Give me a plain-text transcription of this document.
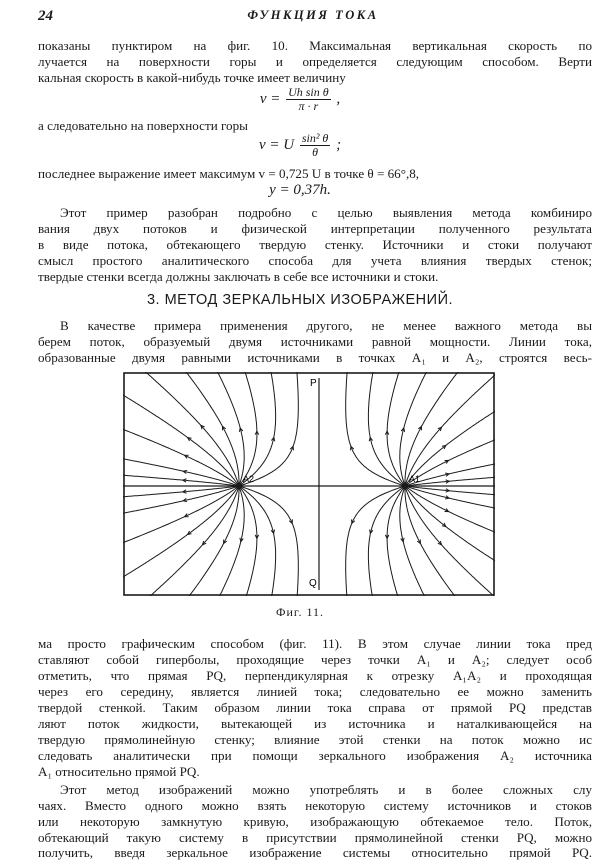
24	ФУНКЦИЯ ТОКА
показаны пунктиром на фиг. 10. Максимальная вертикальная скорость по
лучается на поверхности горы и определяется следующим способом. Верти
кальная скорость в какой-нибудь точке имеет величину
$v = \frac{\text{Uh sin θ}}{\pi \cdot r}$ ,
а следовательно на поверхности горы
v = U $\frac{\text{sin² θ}}{\theta}$ ;
последнее выражение имеет максимум v = 0,725 U в точке θ = 66°,8,
y = 0,37h.
Этот пример разобран подробно с целью выявления метода комбиниро
вания двух потоков и физической интерпретации полученного результата
в виде потока, обтекающего твердую стенку. Источники и стоки получают
смысл простого аналитического способа для учета влияния твердых стенок;
твердые стенки всегда должны заключать в себе все источники и стоки.
3. МЕТОД ЗЕРКАЛЬНЫХ ИЗОБРАЖЕНИЙ.
В качестве примера применения другого, не менее важного метода вы
берем поток, образуемый двумя источниками равной мощности. Линии тока,
образованные двумя равными источниками в точках A₁ и A₂, строятся весь-
P
Q
A2	A1
Фиг. 11.
ма просто графическим способом (фиг. 11). В этом случае линии тока пред
ставляют собой гиперболы, проходящие через точки A₁ и A₂; следует особ
отметить, что прямая PQ, перпендикулярная к отрезку A₁A₂ и проходящая
через его середину, является линией тока; следовательно ее можно заменить
твердой стенкой. Таким образом линии тока справа от прямой PQ представ
ляют поток жидкости, вытекающей из источника и наталкивающейся на
твердую прямолинейную стенку; влияние этой стенки на поток можно ис
следовать аналитически при помощи зеркального изображения A₂ источника
A₁ относительно прямой PQ.
Этот метод изображений можно употреблять и в более сложных слу
чаях. Вместо одного можно взять некоторую систему источников и стоков
или некоторую замкнутую кривую, изображающую обтекаемое тело. Поток,
обтекающий такую систему в присутствии прямолинейной стенки PQ, можно
получить, введя зеркальное изображение системы относительно прямой PQ.
